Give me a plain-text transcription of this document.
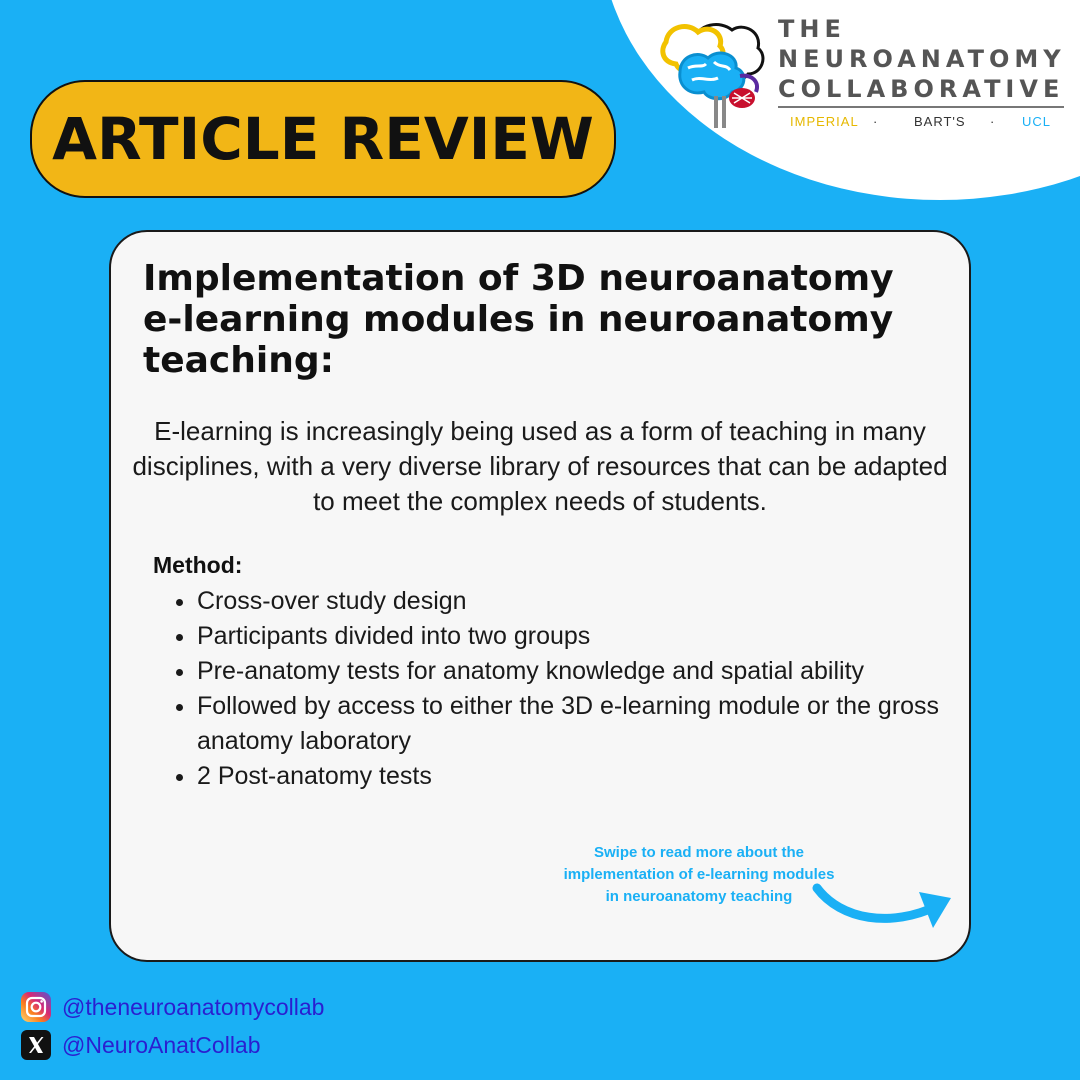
THE
NEUROANATOMY
COLLABORATIVE
IMPERIAL ·	BART'S · UCL
ARTICLE REVIEW
Implementation of 3D neuroanatomy e-learning modules in neuroanatomy teaching:

E-learning is increasingly being used as a form of teaching in many disciplines, with a very diverse library of resources that can be adapted to meet the complex needs of students.

Method:

• Cross-over study design
• Participants divided into two groups
• Pre-anatomy tests for anatomy knowledge and spatial ability
• Followed by access to either the 3D e-learning module or the gross anatomy laboratory
• 2 Post-anatomy tests

Swipe to read more about the implementation of e-learning modules in neuroanatomy teaching

@theneuroanatomycollab
@NeuroAnatCollab
